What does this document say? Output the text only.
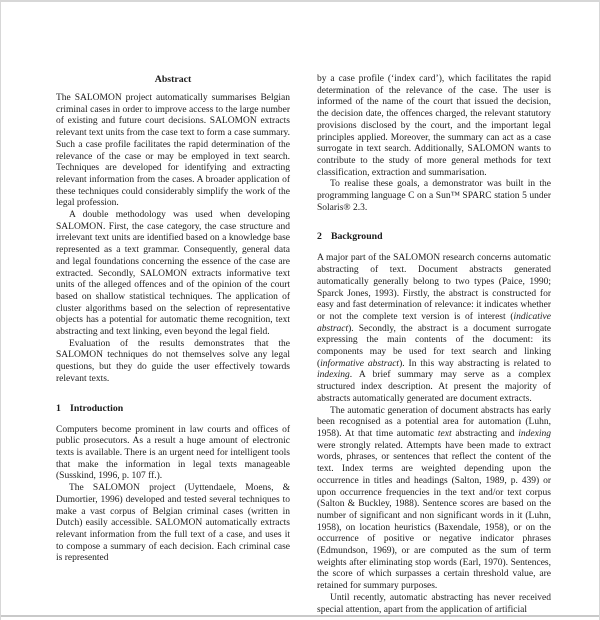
Abstract

The SALOMON project automatically summarises Belgian criminal cases in order to improve access to the large number of existing and future court decisions. SALOMON extracts relevant text units from the case text to form a case summary. Such a case profile facilitates the rapid determination of the relevance of the case or may be employed in text search. Techniques are developed for identifying and extracting relevant information from the cases. A broader application of these techniques could considerably simplify the work of the legal profession.

A double methodology was used when developing SALOMON. First, the case category, the case structure and irrelevant text units are identified based on a knowledge base represented as a text grammar. Consequently, general data and legal foundations concerning the essence of the case are extracted. Secondly, SALOMON extracts informative text units of the alleged offences and of the opinion of the court based on shallow statistical techniques. The application of cluster algorithms based on the selection of representative objects has a potential for automatic theme recognition, text abstracting and text linking, even beyond the legal field.

Evaluation of the results demonstrates that the SALOMON techniques do not themselves solve any legal questions, but they do guide the user effectively towards relevant texts.

1 Introduction

Computers become prominent in law courts and offices of public prosecutors. As a result a huge amount of electronic texts is available. There is an urgent need for intelligent tools that make the information in legal texts manageable (Susskind, 1996, p. 107 ff.).

The SALOMON project (Uyttendaele, Moens, & Dumortier, 1996) developed and tested several techniques to make a vast corpus of Belgian criminal cases (written in Dutch) easily accessible. SALOMON automatically extracts relevant information from the full text of a case, and uses it to compose a summary of each decision. Each criminal case is represented

by a case profile (‘index card’), which facilitates the rapid determination of the relevance of the case. The user is informed of the name of the court that issued the decision, the decision date, the offences charged, the relevant statutory provisions disclosed by the court, and the important legal principles applied. Moreover, the summary can act as a case surrogate in text search. Additionally, SALOMON wants to contribute to the study of more general methods for text classification, extraction and summarisation.

To realise these goals, a demonstrator was built in the programming language C on a Sun™ SPARC station 5 under Solaris® 2.3.

2 Background

A major part of the SALOMON research concerns automatic abstracting of text. Document abstracts generated automatically generally belong to two types (Paice, 1990; Sparck Jones, 1993). Firstly, the abstract is constructed for easy and fast determination of relevance: it indicates whether or not the complete text version is of interest (indicative abstract). Secondly, the abstract is a document surrogate expressing the main contents of the document: its components may be used for text search and linking (informative abstract). In this way abstracting is related to indexing. A brief summary may serve as a complex structured index description. At present the majority of abstracts automatically generated are document extracts.

The automatic generation of document abstracts has early been recognised as a potential area for automation (Luhn, 1958). At that time automatic text abstracting and indexing were strongly related. Attempts have been made to extract words, phrases, or sentences that reflect the content of the text. Index terms are weighted depending upon the occurrence in titles and headings (Salton, 1989, p. 439) or upon occurrence frequencies in the text and/or text corpus (Salton & Buckley, 1988). Sentence scores are based on the number of significant and non significant words in it (Luhn, 1958), on location heuristics (Baxendale, 1958), or on the occurrence of positive or negative indicator phrases (Edmundson, 1969), or are computed as the sum of term weights after eliminating stop words (Earl, 1970). Sentences, the score of which surpasses a certain threshold value, are retained for summary purposes.

Until recently, automatic abstracting has never received special attention, apart from the application of artificial
